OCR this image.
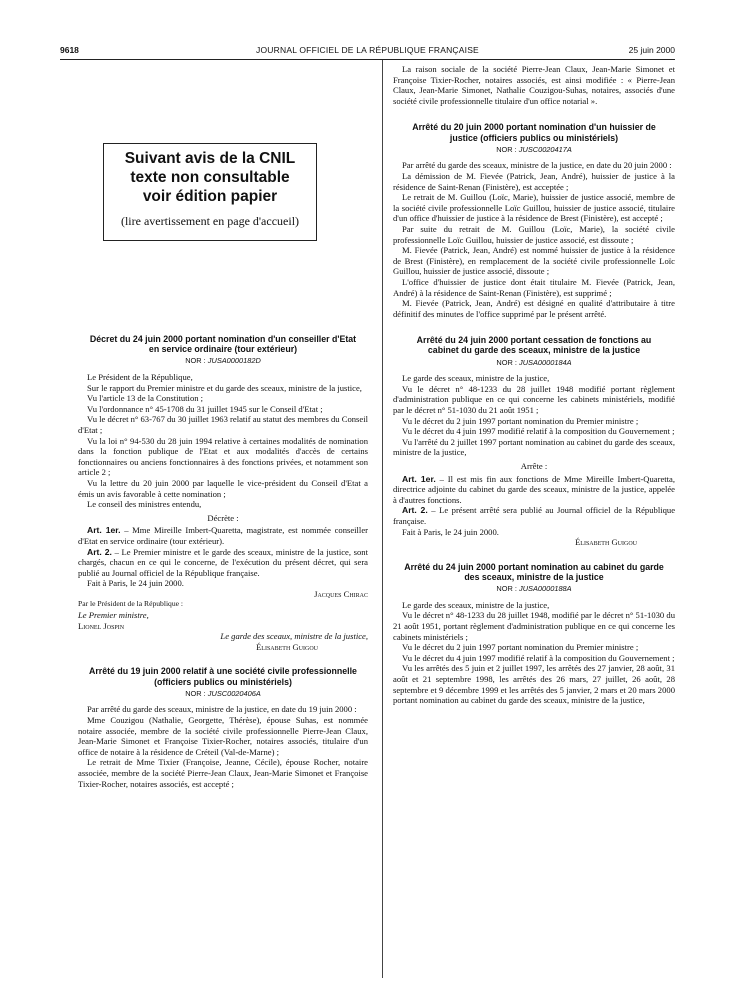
9618	JOURNAL OFFICIEL DE LA RÉPUBLIQUE FRANÇAISE	25 juin 2000
Suivant avis de la CNIL
texte non consultable
voir édition papier
(lire avertissement en page d'accueil)
Décret du 24 juin 2000 portant nomination d'un conseiller d'Etat en service ordinaire (tour extérieur)
NOR : JUSA0000182D

Le Président de la République,

Sur le rapport du Premier ministre et du garde des sceaux, ministre de la justice,

Vu l'article 13 de la Constitution ;

Vu l'ordonnance n° 45-1708 du 31 juillet 1945 sur le Conseil d'Etat ;

Vu le décret n° 63-767 du 30 juillet 1963 relatif au statut des membres du Conseil d'Etat ;

Vu la loi n° 94-530 du 28 juin 1994 relative à certaines modalités de nomination dans la fonction publique de l'Etat et aux modalités d'accès de certains fonctionnaires ou anciens fonctionnaires à des fonctions privées, et notamment son article 2 ;

Vu la lettre du 20 juin 2000 par laquelle le vice-président du Conseil d'Etat a émis un avis favorable à cette nomination ;

Le conseil des ministres entendu,

Décrète :

Art. 1er. – Mme Mireille Imbert-Quaretta, magistrate, est nommée conseiller d'Etat en service ordinaire (tour extérieur).

Art. 2. – Le Premier ministre et le garde des sceaux, ministre de la justice, sont chargés, chacun en ce qui le concerne, de l'exécution du présent décret, qui sera publié au Journal officiel de la République française.

Fait à Paris, le 24 juin 2000.

Jacques Chirac

Par le Président de la République :

Le Premier ministre,

Lionel Jospin

Le garde des sceaux, ministre de la justice,

Élisabeth Guigou

Arrêté du 19 juin 2000 relatif à une société civile professionnelle (officiers publics ou ministériels)
NOR : JUSC0020406A

Par arrêté du garde des sceaux, ministre de la justice, en date du 19 juin 2000 :

Mme Couzigou (Nathalie, Georgette, Thérèse), épouse Suhas, est nommée notaire associée, membre de la société civile professionnelle Pierre-Jean Claux, Jean-Marie Simonet et Françoise Tixier-Rocher, notaires associés, titulaire d'un office de notaire à la résidence de Créteil (Val-de-Marne) ;

Le retrait de Mme Tixier (Françoise, Jeanne, Cécile), épouse Rocher, notaire associée, membre de la société Pierre-Jean Claux, Jean-Marie Simonet et Françoise Tixier-Rocher, notaires associés, est accepté ;

La raison sociale de la société Pierre-Jean Claux, Jean-Marie Simonet et Françoise Tixier-Rocher, notaires associés, est ainsi modifiée : « Pierre-Jean Claux, Jean-Marie Simonet, Nathalie Couzigou-Suhas, notaires, associés d'une société civile professionnelle titulaire d'un office notarial ».

Arrêté du 20 juin 2000 portant nomination d'un huissier de justice (officiers publics ou ministériels)
NOR : JUSC0020417A

Par arrêté du garde des sceaux, ministre de la justice, en date du 20 juin 2000 :

La démission de M. Fievée (Patrick, Jean, André), huissier de justice à la résidence de Saint-Renan (Finistère), est acceptée ;

Le retrait de M. Guillou (Loïc, Marie), huissier de justice associé, membre de la société civile professionnelle Loïc Guillou, huissier de justice associé, titulaire d'un office d'huissier de justice à la résidence de Brest (Finistère), est accepté ;

Par suite du retrait de M. Guillou (Loïc, Marie), la société civile professionnelle Loïc Guillou, huissier de justice associé, est dissoute ;

M. Fievée (Patrick, Jean, André) est nommé huissier de justice à la résidence de Brest (Finistère), en remplacement de la société civile professionnelle Loïc Guillou, huissier de justice associé, dissoute ;

L'office d'huissier de justice dont était titulaire M. Fievée (Patrick, Jean, André) à la résidence de Saint-Renan (Finistère), est supprimé ;

M. Fievée (Patrick, Jean, André) est désigné en qualité d'attributaire à titre définitif des minutes de l'office supprimé par le présent arrêté.

Arrêté du 24 juin 2000 portant cessation de fonctions au cabinet du garde des sceaux, ministre de la justice
NOR : JUSA0000184A

Le garde des sceaux, ministre de la justice,

Vu le décret n° 48-1233 du 28 juillet 1948 modifié portant règlement d'administration publique en ce qui concerne les cabinets ministériels, modifié par le décret n° 51-1030 du 21 août 1951 ;

Vu le décret du 2 juin 1997 portant nomination du Premier ministre ;

Vu le décret du 4 juin 1997 modifié relatif à la composition du Gouvernement ;

Vu l'arrêté du 2 juillet 1997 portant nomination au cabinet du garde des sceaux, ministre de la justice,

Arrête :

Art. 1er. – Il est mis fin aux fonctions de Mme Mireille Imbert-Quaretta, directrice adjointe du cabinet du garde des sceaux, ministre de la justice, appelée à d'autres fonctions.

Art. 2. – Le présent arrêté sera publié au Journal officiel de la République française.

Fait à Paris, le 24 juin 2000.

Élisabeth Guigou

Arrêté du 24 juin 2000 portant nomination au cabinet du garde des sceaux, ministre de la justice
NOR : JUSA0000188A

Le garde des sceaux, ministre de la justice,

Vu le décret n° 48-1233 du 28 juillet 1948, modifié par le décret n° 51-1030 du 21 août 1951, portant règlement d'administration publique en ce qui concerne les cabinets ministériels ;

Vu le décret du 2 juin 1997 portant nomination du Premier ministre ;

Vu le décret du 4 juin 1997 modifié relatif à la composition du Gouvernement ;

Vu les arrêtés des 5 juin et 2 juillet 1997, les arrêtés des 27 janvier, 28 août, 31 août et 21 septembre 1998, les arrêtés des 26 mars, 27 juillet, 26 août, 28 septembre et 9 décembre 1999 et les arrêtés des 5 janvier, 2 mars et 20 mars 2000 portant nomination au cabinet du garde des sceaux, ministre de la justice,
